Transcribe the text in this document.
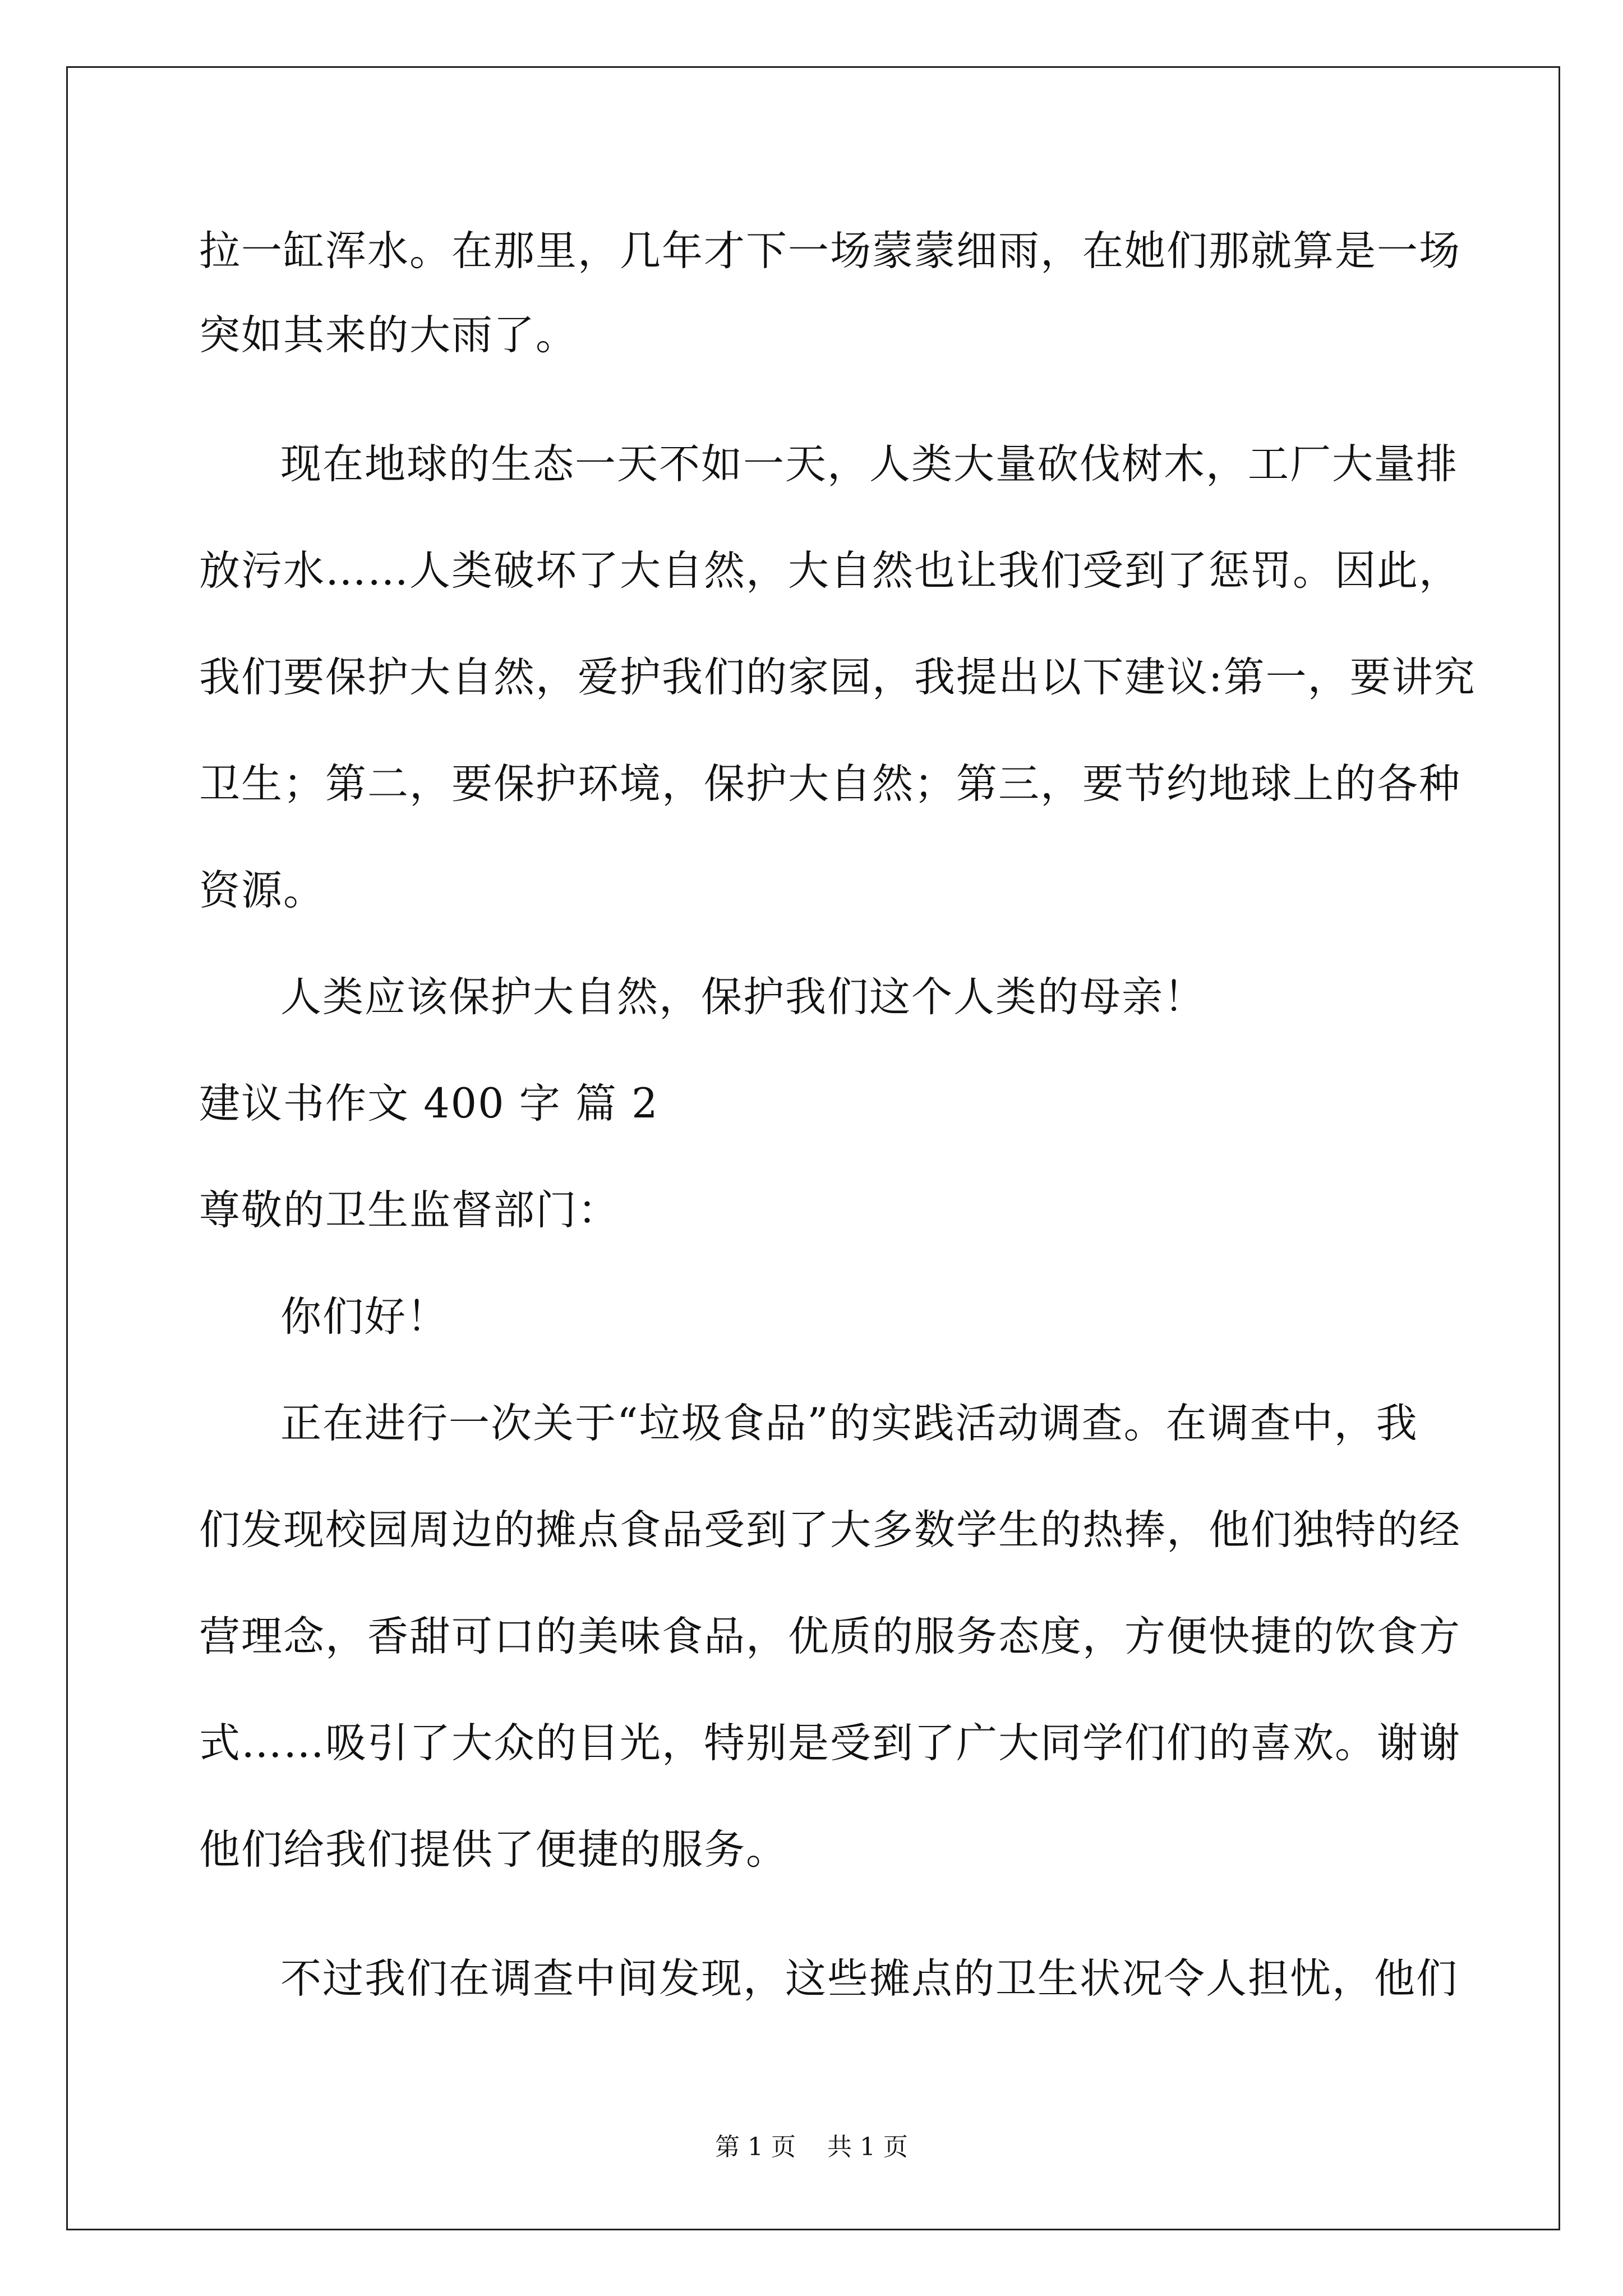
拉一缸浑水。在那里，几年才下一场蒙蒙细雨，在她们那就算是一场
突如其来的大雨了。
现在地球的生态一天不如一天，人类大量砍伐树木，工厂大量排
放污水……人类破坏了大自然，大自然也让我们受到了惩罚。因此，
我们要保护大自然，爱护我们的家园，我提出以下建议:第一，要讲究
卫生；第二，要保护环境，保护大自然；第三，要节约地球上的各种
资源。
人类应该保护大自然，保护我们这个人类的母亲！
建议书作文 400 字 篇 2
尊敬的卫生监督部门：
你们好！
正在进行一次关于“垃圾食品”的实践活动调查。在调查中，我
们发现校园周边的摊点食品受到了大多数学生的热捧，他们独特的经
营理念，香甜可口的美味食品，优质的服务态度，方便快捷的饮食方
式……吸引了大众的目光，特别是受到了广大同学们们的喜欢。谢谢
他们给我们提供了便捷的服务。
不过我们在调查中间发现，这些摊点的卫生状况令人担忧，他们
第 1 页    共 1 页
